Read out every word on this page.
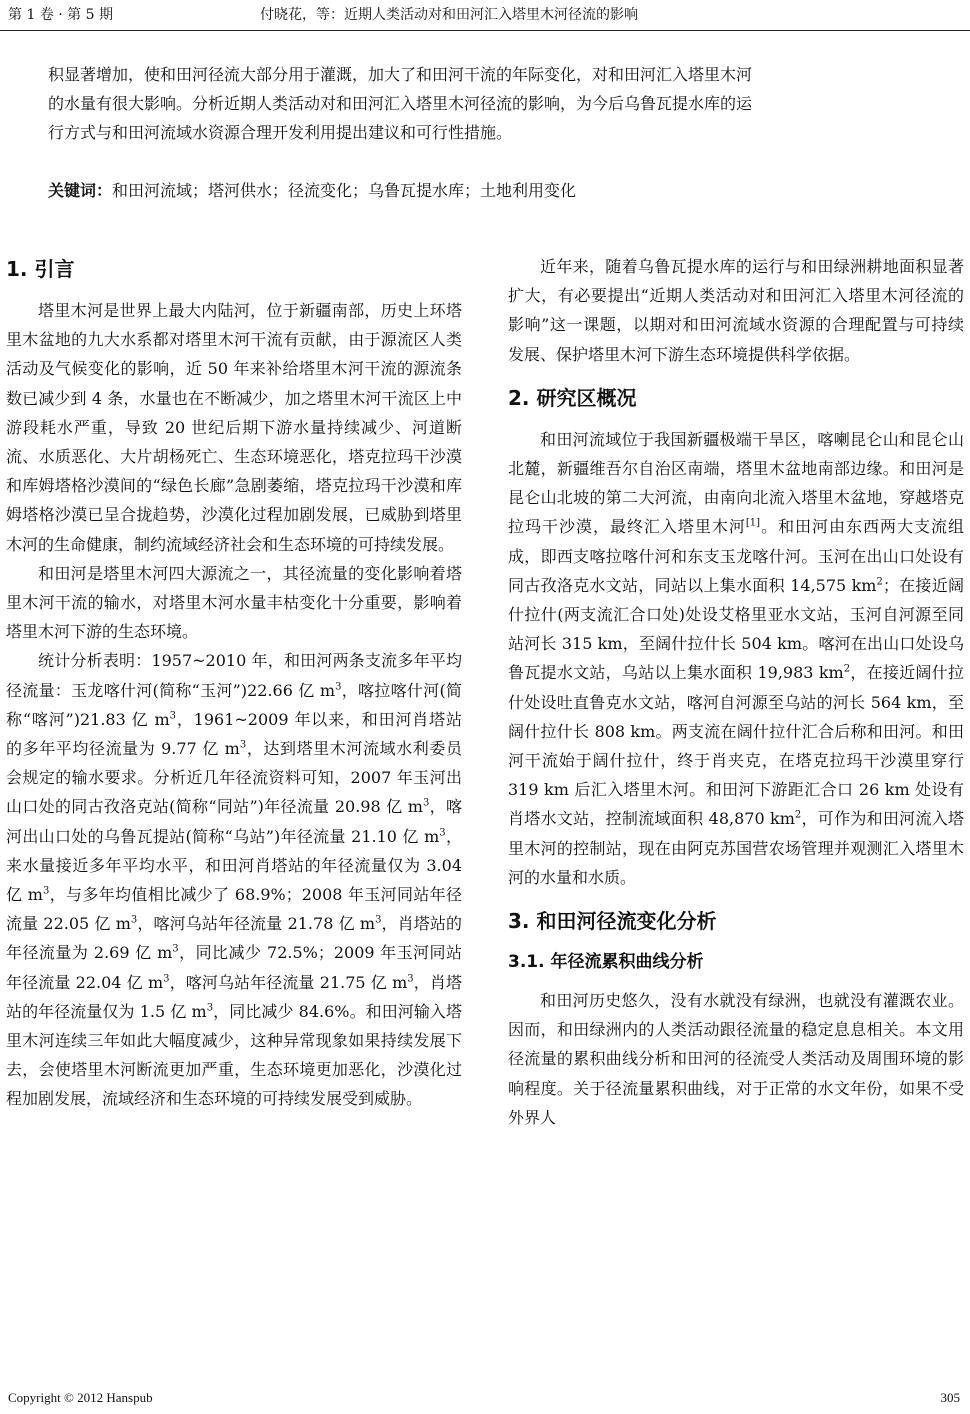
第 1 卷 · 第 5 期	付晓花，等：近期人类活动对和田河汇入塔里木河径流的影响

积显著增加，使和田河径流大部分用于灌溉，加大了和田河干流的年际变化，对和田河汇入塔里木河

的水量有很大影响。分析近期人类活动对和田河汇入塔里木河径流的影响，为今后乌鲁瓦提水库的运

行方式与和田河流域水资源合理开发利用提出建议和可行性措施。

关键词：和田河流域；塔河供水；径流变化；乌鲁瓦提水库；土地利用变化
1. 引言

塔里木河是世界上最大内陆河，位于新疆南部，历史上环塔里木盆地的九大水系都对塔里木河干流有贡献，由于源流区人类活动及气候变化的影响，近 50 年来补给塔里木河干流的源流条数已减少到 4 条，水量也在不断减少，加之塔里木河干流区上中游段耗水严重，导致 20 世纪后期下游水量持续减少、河道断流、水质恶化、大片胡杨死亡、生态环境恶化，塔克拉玛干沙漠和库姆塔格沙漠间的“绿色长廊”急剧萎缩，塔克拉玛干沙漠和库姆塔格沙漠已呈合拢趋势，沙漠化过程加剧发展，已威胁到塔里木河的生命健康，制约流域经济社会和生态环境的可持续发展。

和田河是塔里木河四大源流之一，其径流量的变化影响着塔里木河干流的输水，对塔里木河水量丰枯变化十分重要，影响着塔里木河下游的生态环境。

统计分析表明：1957~2010 年，和田河两条支流多年平均径流量：玉龙喀什河(简称“玉河”)22.66 亿 $m^3$，喀拉喀什河(简称“喀河”)21.83 亿 $m^3$，1961~2009 年以来，和田河肖塔站的多年平均径流量为 9.77 亿 $m^3$，达到塔里木河流域水利委员会规定的输水要求。分析近几年径流资料可知，2007 年玉河出山口处的同古孜洛克站(简称“同站”)年径流量 20.98 亿 $m^3$，喀河出山口处的乌鲁瓦提站(简称“乌站”)年径流量 21.10 亿 $m^3$，来水量接近多年平均水平，和田河肖塔站的年径流量仅为 3.04 亿 $m^3$，与多年均值相比减少了 68.9%；2008 年玉河同站年径流量 22.05 亿 $m^3$，喀河乌站年径流量 21.78 亿 $m^3$，肖塔站的年径流量为 2.69 亿 $m^3$，同比减少 72.5%；2009 年玉河同站年径流量 22.04 亿 $m^3$，喀河乌站年径流量 21.75 亿 $m^3$，肖塔站的年径流量仅为 1.5 亿 $m^3$，同比减少 84.6%。和田河输入塔里木河连续三年如此大幅度减少，这种异常现象如果持续发展下去，会使塔里木河断流更加严重，生态环境更加恶化，沙漠化过程加剧发展，流域经济和生态环境的可持续发展受到威胁。

近年来，随着乌鲁瓦提水库的运行与和田绿洲耕地面积显著扩大，有必要提出“近期人类活动对和田河汇入塔里木河径流的影响”这一课题，以期对和田河流域水资源的合理配置与可持续发展、保护塔里木河下游生态环境提供科学依据。

2. 研究区概况

和田河流域位于我国新疆极端干旱区，喀喇昆仑山和昆仑山北麓，新疆维吾尔自治区南端，塔里木盆地南部边缘。和田河是昆仑山北坡的第二大河流，由南向北流入塔里木盆地，穿越塔克拉玛干沙漠，最终汇入塔里木河[1]。和田河由东西两大支流组成，即西支喀拉喀什河和东支玉龙喀什河。玉河在出山口处设有同古孜洛克水文站，同站以上集水面积 14,575 $km^2$；在接近阔什拉什(两支流汇合口处)处设艾格里亚水文站，玉河自河源至同站河长 315 km，至阔什拉什长 504 km。喀河在出山口处设乌鲁瓦提水文站，乌站以上集水面积 19,983 $km^2$，在接近阔什拉什处设吐直鲁克水文站，喀河自河源至乌站的河长 564 km，至阔什拉什长 808 km。两支流在阔什拉什汇合后称和田河。和田河干流始于阔什拉什，终于肖夹克，在塔克拉玛干沙漠里穿行 319 km 后汇入塔里木河。和田河下游距汇合口 26 km 处设有肖塔水文站，控制流域面积 48,870 $km^2$，可作为和田河流入塔里木河的控制站，现在由阿克苏国营农场管理并观测汇入塔里木河的水量和水质。

3. 和田河径流变化分析
3.1. 年径流累积曲线分析

和田河历史悠久，没有水就没有绿洲，也就没有灌溉农业。因而，和田绿洲内的人类活动跟径流量的稳定息息相关。本文用径流量的累积曲线分析和田河的径流受人类活动及周围环境的影响程度。关于径流量累积曲线，对于正常的水文年份，如果不受外界人

Copyright © 2012 Hanspub	305
